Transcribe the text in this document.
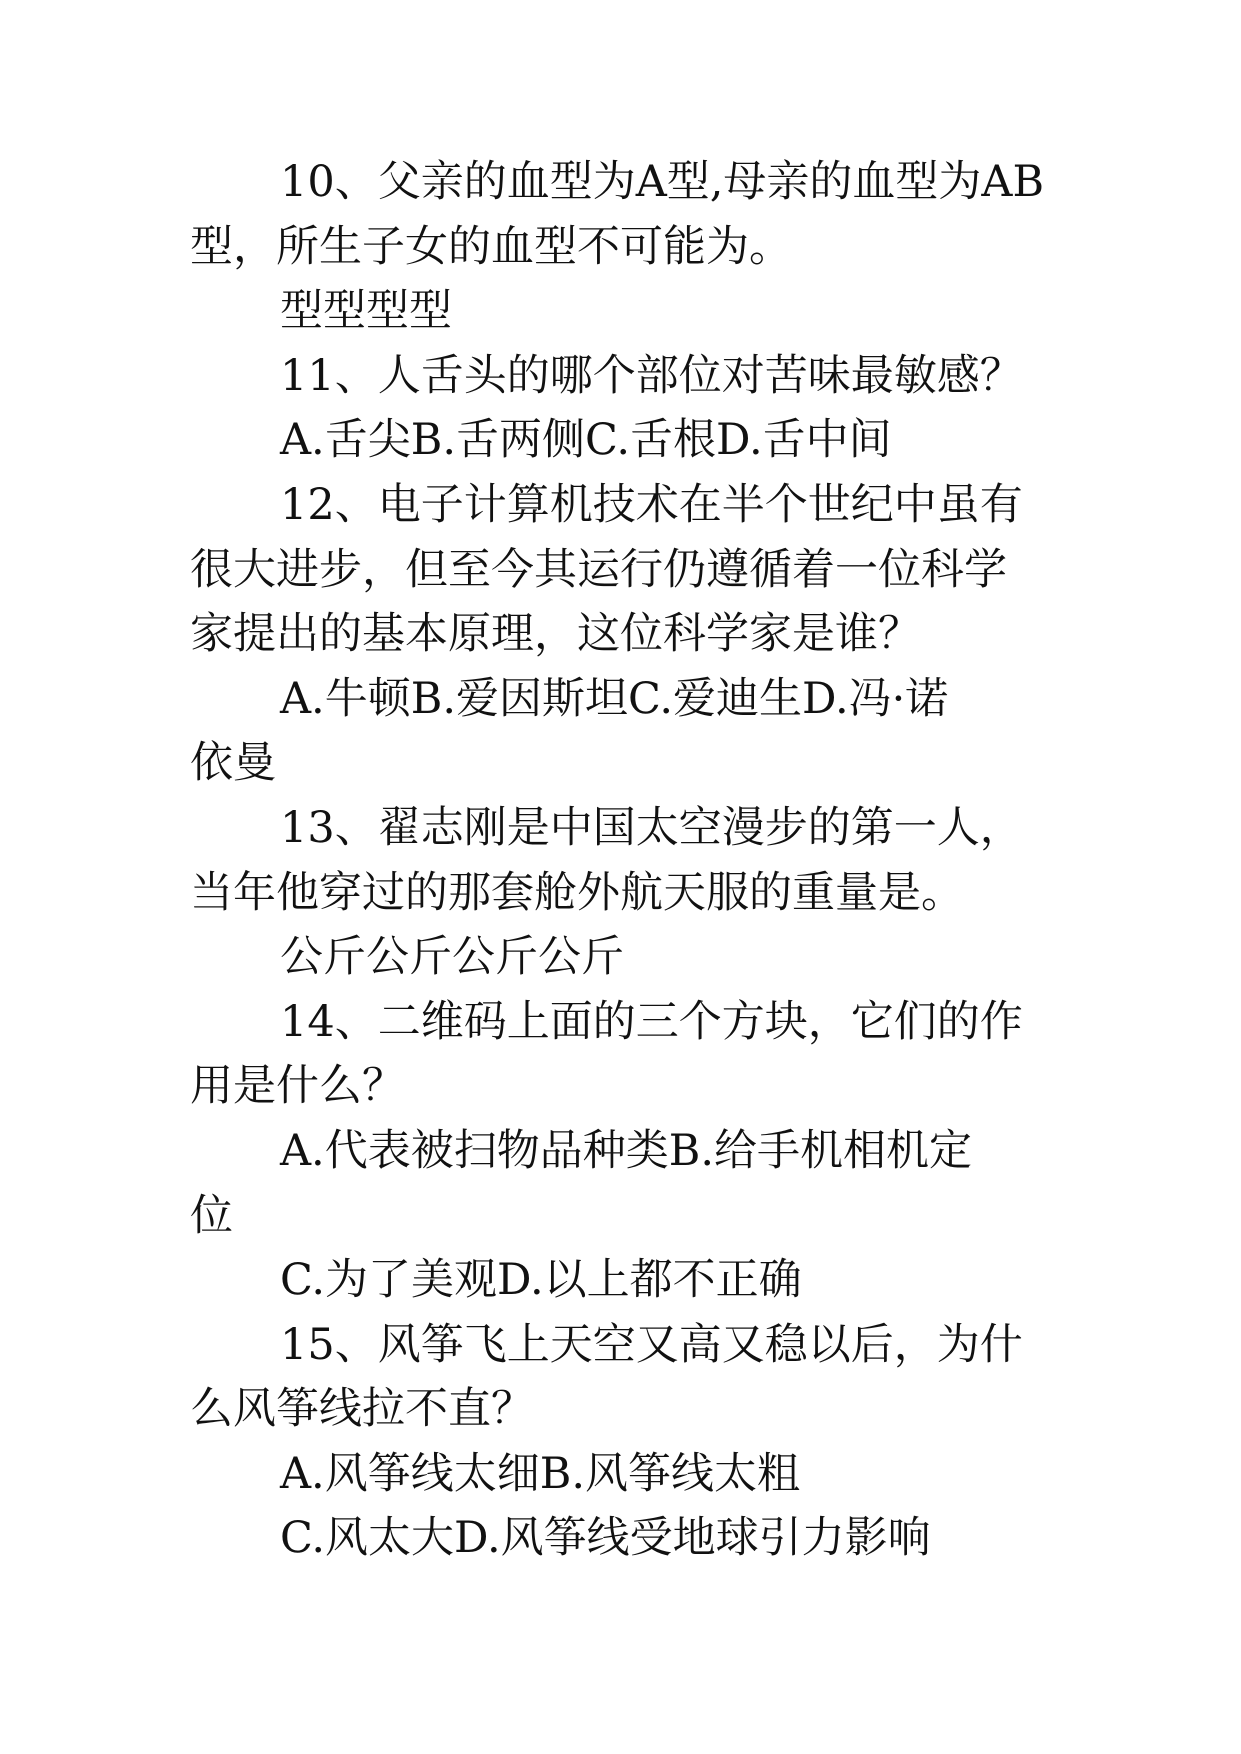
10、父亲的血型为A型,母亲的血型为AB

型，所生子女的血型不可能为。

型型型型

11、人舌头的哪个部位对苦味最敏感？

A.舌尖B.舌两侧C.舌根D.舌中间

12、电子计算机技术在半个世纪中虽有

很大进步，但至今其运行仍遵循着一位科学

家提出的基本原理，这位科学家是谁？

A.牛顿B.爱因斯坦C.爱迪生D.冯·诺

依曼

13、翟志刚是中国太空漫步的第一人，

当年他穿过的那套舱外航天服的重量是。

公斤公斤公斤公斤

14、二维码上面的三个方块，它们的作

用是什么？

A.代表被扫物品种类B.给手机相机定

位

C.为了美观D.以上都不正确

15、风筝飞上天空又高又稳以后，为什

么风筝线拉不直？

A.风筝线太细B.风筝线太粗

C.风太大D.风筝线受地球引力影响
